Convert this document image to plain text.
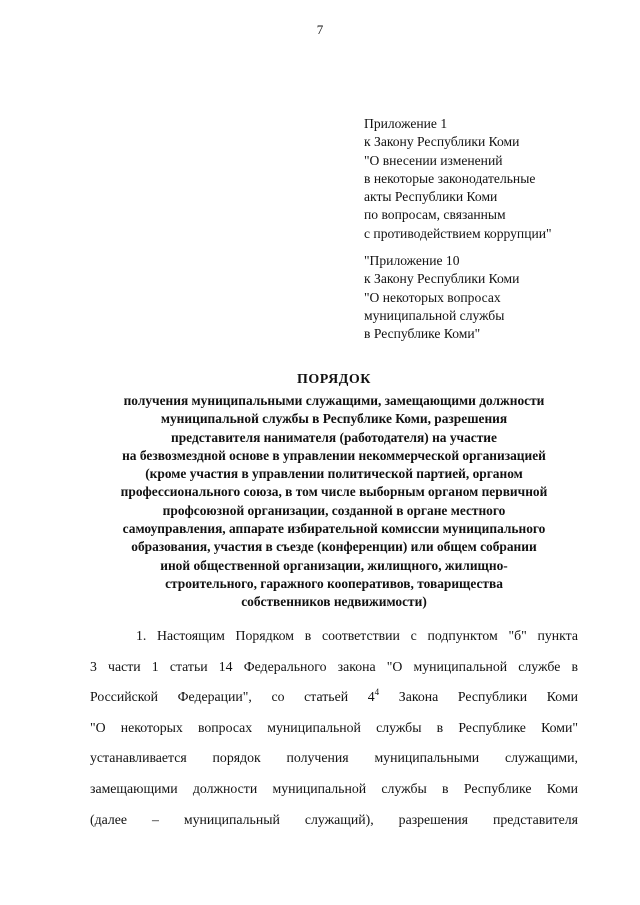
7
Приложение 1
к Закону Республики Коми
"О внесении изменений
в некоторые законодательные
акты Республики Коми
по вопросам, связанным
с противодействием коррупции"
"Приложение 10
к Закону Республики Коми
"О некоторых вопросах
муниципальной службы
в Республике Коми"
ПОРЯДОК
получения муниципальными служащими, замещающими должности
муниципальной службы в Республике Коми, разрешения
представителя нанимателя (работодателя) на участие
на безвозмездной основе в управлении некоммерческой организацией
(кроме участия в управлении политической партией, органом
профессионального союза, в том числе выборным органом первичной
профсоюзной организации, созданной в органе местного
самоуправления, аппарате избирательной комиссии муниципального
образования, участия в съезде (конференции) или общем собрании
иной общественной организации, жилищного, жилищно-
строительного, гаражного кооперативов, товарищества
собственников недвижимости)
1. Настоящим Порядком в соответствии с подпунктом "б" пункта
3 части 1 статьи 14 Федерального закона "О муниципальной службе в
Российской Федерации", со статьей $4^4$ Закона Республики Коми
"О некоторых вопросах муниципальной службы в Республике Коми"
устанавливается порядок получения муниципальными служащими,
замещающими должности муниципальной службы в Республике Коми
(далее – муниципальный служащий), разрешения представителя
